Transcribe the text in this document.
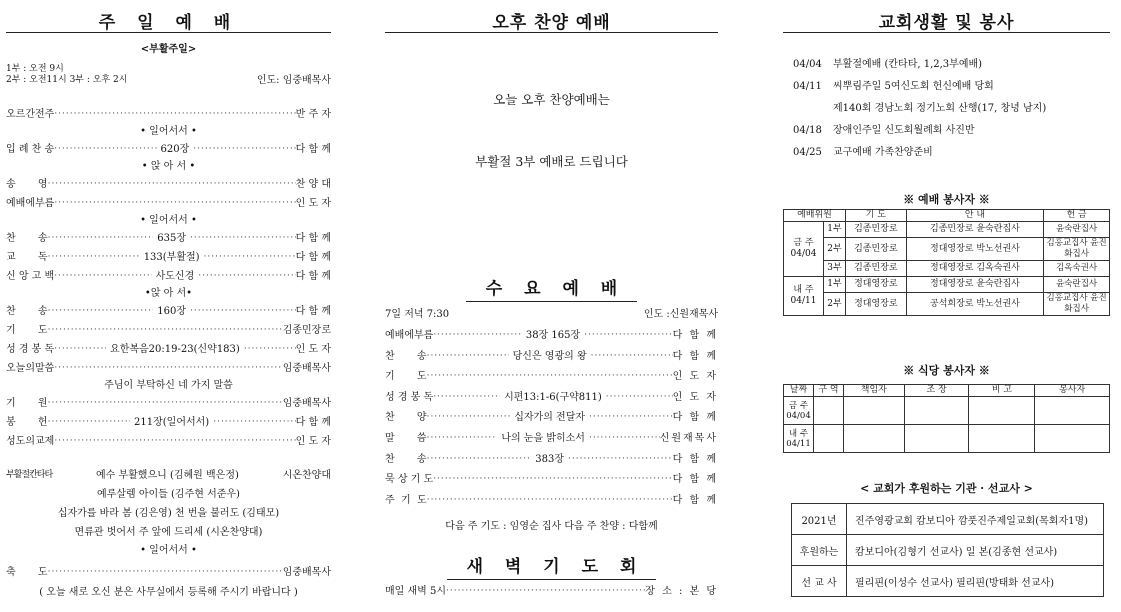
주 일 예 배
<부활주일>
1부 : 오전 9시
2부 : 오전11시 3부 : 오후 2시	인도: 임중배목사
오르간전주 ·····	반 주 자
• 일어서서 •
입 례 찬 송 ·····	620장 ·····	다 함 께
• 앉 아 서 •
송       영 ·····	찬 양 대
예배에부름 ·····	인 도 자
• 일어서서 •
찬       송 ·····	635장 ·····	다 함 께
교       독 ·····	133(부활절) ·····	다 함 께
신 앙 고 백 ·····	사도신경 ·····	다 함 께
•앉 아 서•
찬       송 ·····	160장 ·····	다 함 께
기       도 ·····	김종민장로
성 경 봉 독 ·····	요한복음20:19-23(신약183) ·····	인 도 자
오늘의말씀 ·····	임중배목사
주님이 부탁하신 네 가지 말씀
기       원 ·····	임중배목사
봉       헌 ·····	211장(일어서서) ·····	다 함 께
성도의교제 ·····	인 도 자
부활절칸타타	예수 부활했으니 (김혜원 백은정)	시온찬양대
예루살렘 아이들 (김주현 서준우)
십자가를 바라 봄 (김은영) 천 번을 불러도 (김태모)
면류관 벗어서 주 앞에 드리세 (시온찬양대)
• 일어서서 •
축       도 ·····	임중배목사
( 오늘 새로 오신 분은 사무실에서 등록해 주시기 바랍니다 )
오후 찬양 예배
오늘 오후 찬양예배는
부활절 3부 예배로 드립니다
수 요 예 배
7일 저녁 7:30	인도 :신원재목사
예배에부름 ·····	38장 165장 ·····	다 함 께
찬       송 ·····	당신은 영광의 왕 ·····	다 함 께
기       도 ·····	인 도 자
성 경 봉 독 ·····	시편13:1-6(구약811) ·····	인 도 자
찬       양 ·····	십자가의 전달자 ·····	다 함 께
말       씀 ·····	나의 눈을 밝히소서 ·····	신원재목사
찬       송 ·····	383장 ·····	다 함 께
묵 상 기 도 ·····	다 함 께
주  기  도 ·····	다 함 께
다음 주 기도 : 임영순 집사 다음 주 찬양 : 다함께
새 벽 기 도 회
매일 새벽 5시 ·····	장 소 : 본 당
교회생활 및 봉사
04/04 부활절예배 (칸타타, 1,2,3부예배)
04/11 씨뿌림주일 5여신도회 헌신예배 당회
제140회 경남노회 정기노회 산행(17, 창녕 남지)
04/18 장애인주일 신도회월례회 사진반
04/25 교구예배 가족찬양준비
※ 예배 봉사자 ※
예배위원		기 도	안 내	헌 금
금 주 04/04	1부	김종민장로	김종민장로 윤숙란집사	윤숙란집사
	2부	김종민장로	정대영장로 박노선권사	김홍교집사 윤진화집사
	3부	김종민장로	정대영장로 김옥숙권사	김옥숙권사
내 주 04/11	1부	정대영장로	정대영장로 윤숙란집사	윤숙란집사
	2부	정대영장로	공석희장로 박노선권사	김홍교집사 윤진화집사
※ 식당 봉사자 ※
날짜	구 역	책임자	조 장	비 고	봉사자
금 주 04/04					
내 주 04/11					
< 교회가 후원하는 기관 · 선교사 >
2021년	진주영광교회 캄보디아 깜풋진주제일교회(목회자1명)
후원하는	캄보디아(김형기 선교사) 일 본(김종현 선교사)
선 교 사	필리핀(이성수 선교사) 필리핀(방태화 선교사)
